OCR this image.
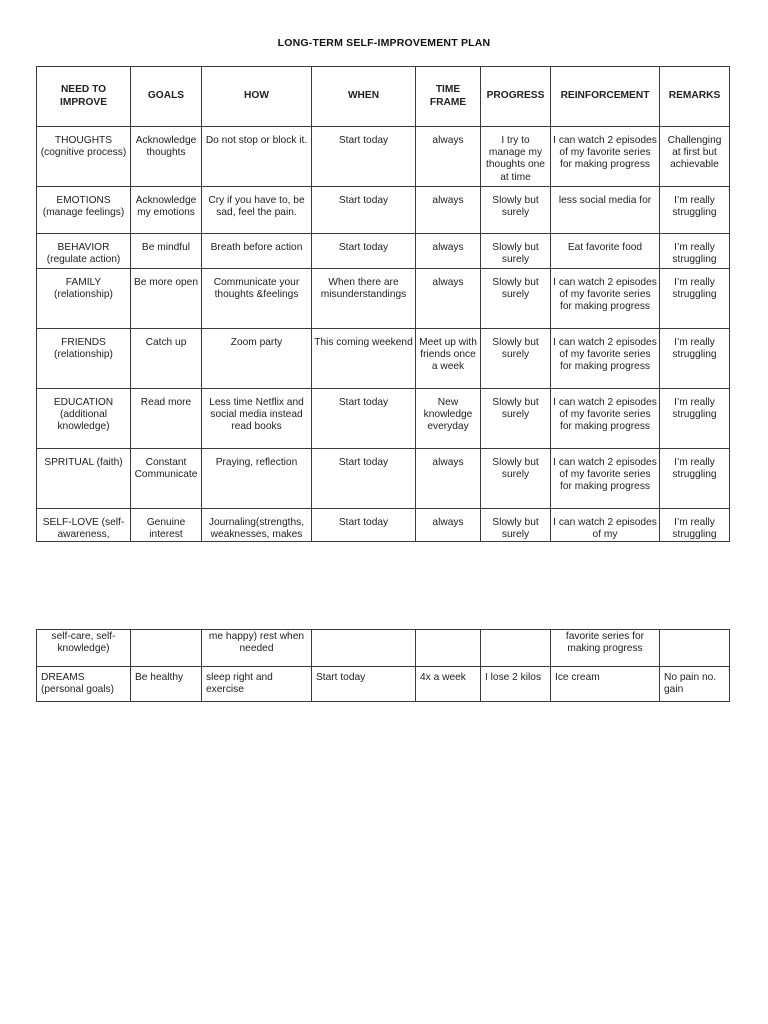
LONG-TERM SELF-IMPROVEMENT PLAN
NEED TO IMPROVE	GOALS	HOW	WHEN	TIME FRAME	PROGRESS	REINFORCEMENT	REMARKS
THOUGHTS (cognitive process)	Acknowledge thoughts	Do not stop or block it.	Start today	always	I try to manage my thoughts one at time	I can watch 2 episodes of my favorite series for making progress	Challenging at first but achievable
EMOTIONS (manage feelings)	Acknowledge my emotions	Cry if you have to, be sad, feel the pain.	Start today	always	Slowly but surely	less social media for	I’m really struggling
BEHAVIOR (regulate action)	Be mindful	Breath before action	Start today	always	Slowly but surely	Eat favorite food	I’m really struggling
FAMILY (relationship)	Be more open	Communicate your thoughts &feelings	When there are misunderstandings	always	Slowly but surely	I can watch 2 episodes of my favorite series for making progress	I’m really struggling
FRIENDS (relationship)	Catch up	Zoom party	This coming weekend	Meet up with friends once a week	Slowly but surely	I can watch 2 episodes of my favorite series for making progress	I’m really struggling
EDUCATION (additional knowledge)	Read more	Less time Netflix and social media instead read books	Start today	New knowledge everyday	Slowly but surely	I can watch 2 episodes of my favorite series for making progress	I’m really struggling
SPRITUAL (faith)	Constant Communicate	Praying, reflection	Start today	always	Slowly but surely	I can watch 2 episodes of my favorite series for making progress	I’m really struggling
SELF-LOVE (self-awareness,	Genuine interest	Journaling(strengths, weaknesses, makes	Start today	always	Slowly but surely	I can watch 2 episodes of my	I’m really struggling
self-care, self-knowledge)		me happy) rest when needed				favorite series for making progress	
DREAMS (personal goals)	Be healthy	sleep right and exercise	Start today	4x a week	I lose 2 kilos	Ice cream	No pain no. gain
